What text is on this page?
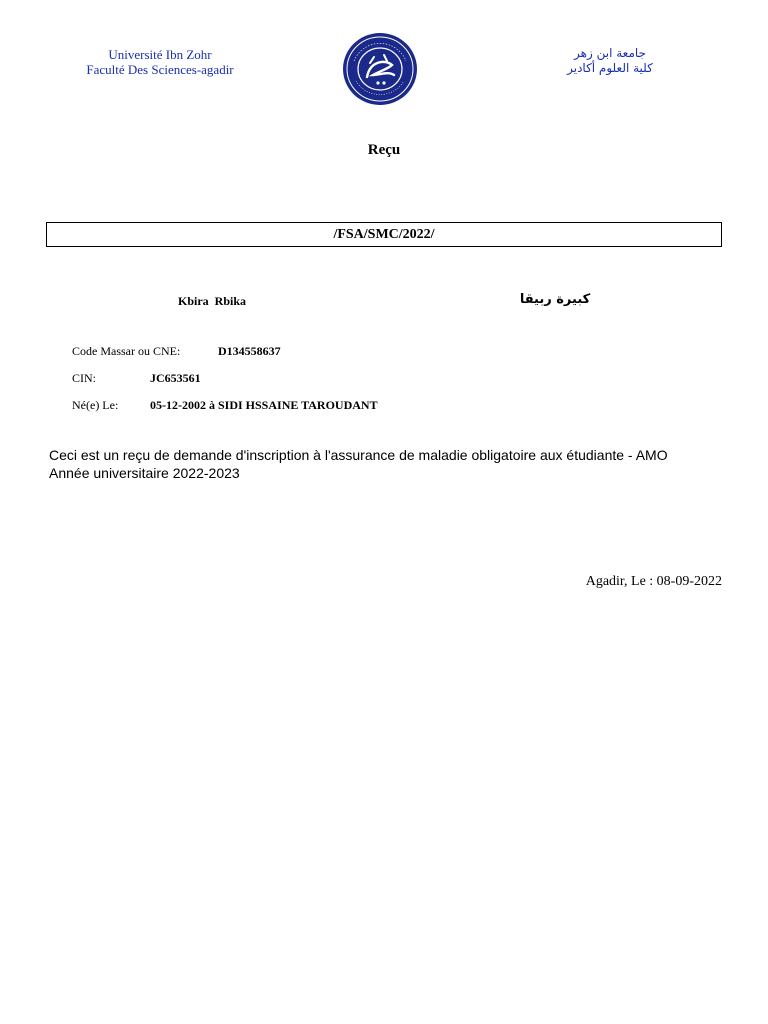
Université Ibn Zohr
Faculté Des Sciences-agadir
جامعة ابن زهر
كلية العلوم أكادير
Reçu
/FSA/SMC/2022/
Kbira  Rbika	كبيرة ربيقا
Code Massar ou CNE:	D134558637
CIN:	JC653561
Né(e) Le:	05-12-2002 à SIDI HSSAINE TAROUDANT
Ceci est un reçu de demande d'inscription à l'assurance de maladie obligatoire aux étudiante - AMO
Année universitaire 2022-2023
Agadir, Le : 08-09-2022
